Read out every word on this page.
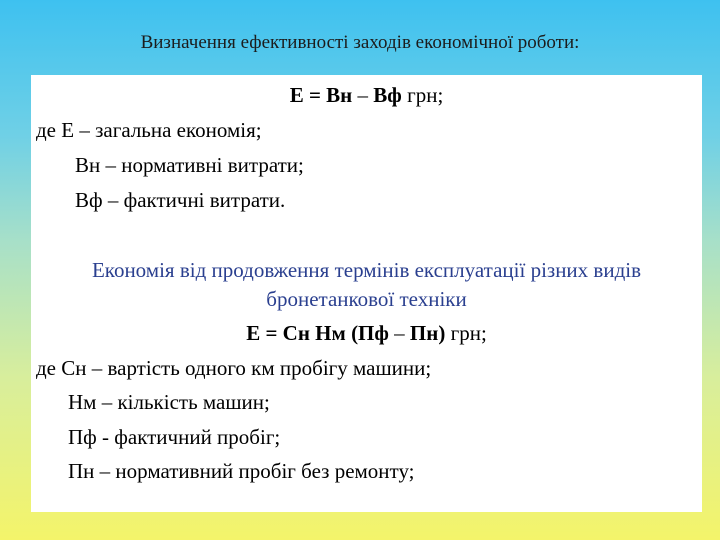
Визначення ефективності заходів економічної роботи:
Е = Вн – Вф грн;
де Е – загальна економія;
Вн – нормативні витрати;
Вф – фактичні витрати.
Економія від продовження термінів експлуатації різних видів
бронетанкової техніки
Е = Сн Нм (Пф – Пн) грн;
де Сн – вартість одного км пробігу машини;
Нм – кількість машин;
Пф - фактичний пробіг;
Пн – нормативний пробіг без ремонту;
